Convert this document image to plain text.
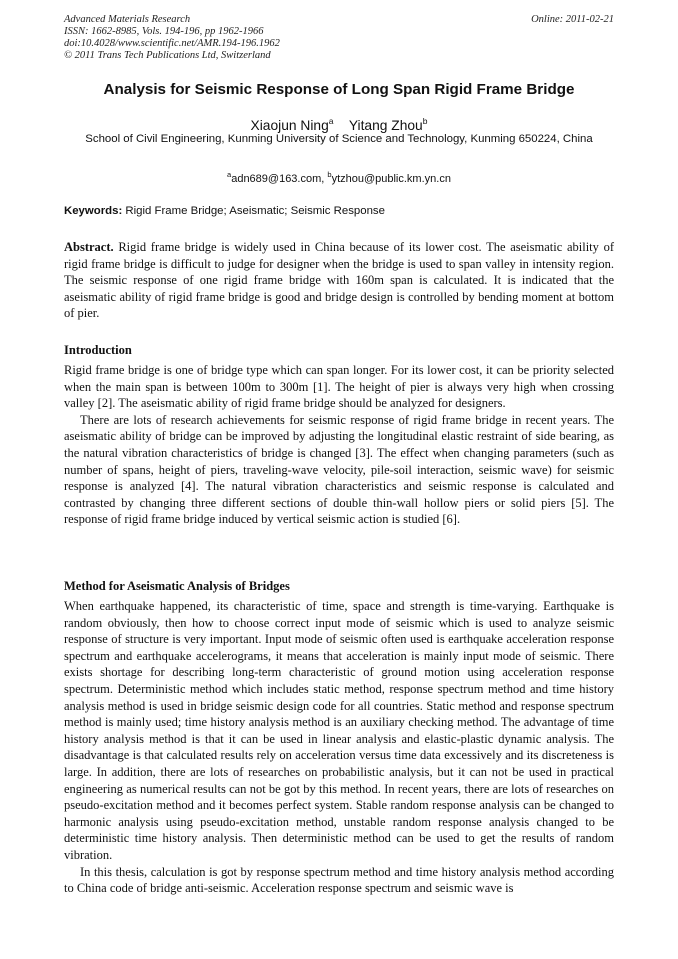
Advanced Materials Research
ISSN: 1662-8985, Vols. 194-196, pp 1962-1966
doi:10.4028/www.scientific.net/AMR.194-196.1962
© 2011 Trans Tech Publications Ltd, Switzerland
Online: 2011-02-21
Analysis for Seismic Response of Long Span Rigid Frame Bridge
Xiaojun Ning$^a$ Yitang Zhou$^b$
School of Civil Engineering, Kunming University of Science and Technology, Kunming 650224, China
$^a$adn689@163.com, $^b$ytzhou@public.km.yn.cn
Keywords: Rigid Frame Bridge; Aseismatic; Seismic Response
Abstract. Rigid frame bridge is widely used in China because of its lower cost. The aseismatic ability of rigid frame bridge is difficult to judge for designer when the bridge is used to span valley in intensity region. The seismic response of one rigid frame bridge with 160m span is calculated. It is indicated that the aseismatic ability of rigid frame bridge is good and bridge design is controlled by bending moment at bottom of pier.
Introduction

Rigid frame bridge is one of bridge type which can span longer. For its lower cost, it can be priority selected when the main span is between 100m to 300m [1]. The height of pier is always very high when crossing valley [2]. The aseismatic ability of rigid frame bridge should be analyzed for designers.

There are lots of research achievements for seismic response of rigid frame bridge in recent years. The aseismatic ability of bridge can be improved by adjusting the longitudinal elastic restraint of side bearing, as the natural vibration characteristics of bridge is changed [3]. The effect when changing parameters (such as number of spans, height of piers, traveling-wave velocity, pile-soil interaction, seismic wave) for seismic response is analyzed [4]. The natural vibration characteristics and seismic response is calculated and contrasted by changing three different sections of double thin-wall hollow piers or solid piers [5]. The response of rigid frame bridge induced by vertical seismic action is studied [6].

Method for Aseismatic Analysis of Bridges

When earthquake happened, its characteristic of time, space and strength is time-varying. Earthquake is random obviously, then how to choose correct input mode of seismic which is used to analyze seismic response of structure is very important. Input mode of seismic often used is earthquake acceleration response spectrum and earthquake accelerograms, it means that acceleration is mainly input mode of seismic. There exists shortage for describing long-term characteristic of ground motion using acceleration response spectrum. Deterministic method which includes static method, response spectrum method and time history analysis method is used in bridge seismic design code for all countries. Static method and response spectrum method is mainly used; time history analysis method is an auxiliary checking method. The advantage of time history analysis method is that it can be used in linear analysis and elastic-plastic dynamic analysis. The disadvantage is that calculated results rely on acceleration versus time data excessively and its discreteness is large. In addition, there are lots of researches on probabilistic analysis, but it can not be used in practical engineering as numerical results can not be got by this method. In recent years, there are lots of researches on pseudo-excitation method and it becomes perfect system. Stable random response analysis can be changed to harmonic analysis using pseudo-excitation method, unstable random response analysis changed to be deterministic time history analysis. Then deterministic method can be used to get the results of random vibration.

In this thesis, calculation is got by response spectrum method and time history analysis method according to China code of bridge anti-seismic. Acceleration response spectrum and seismic wave is
